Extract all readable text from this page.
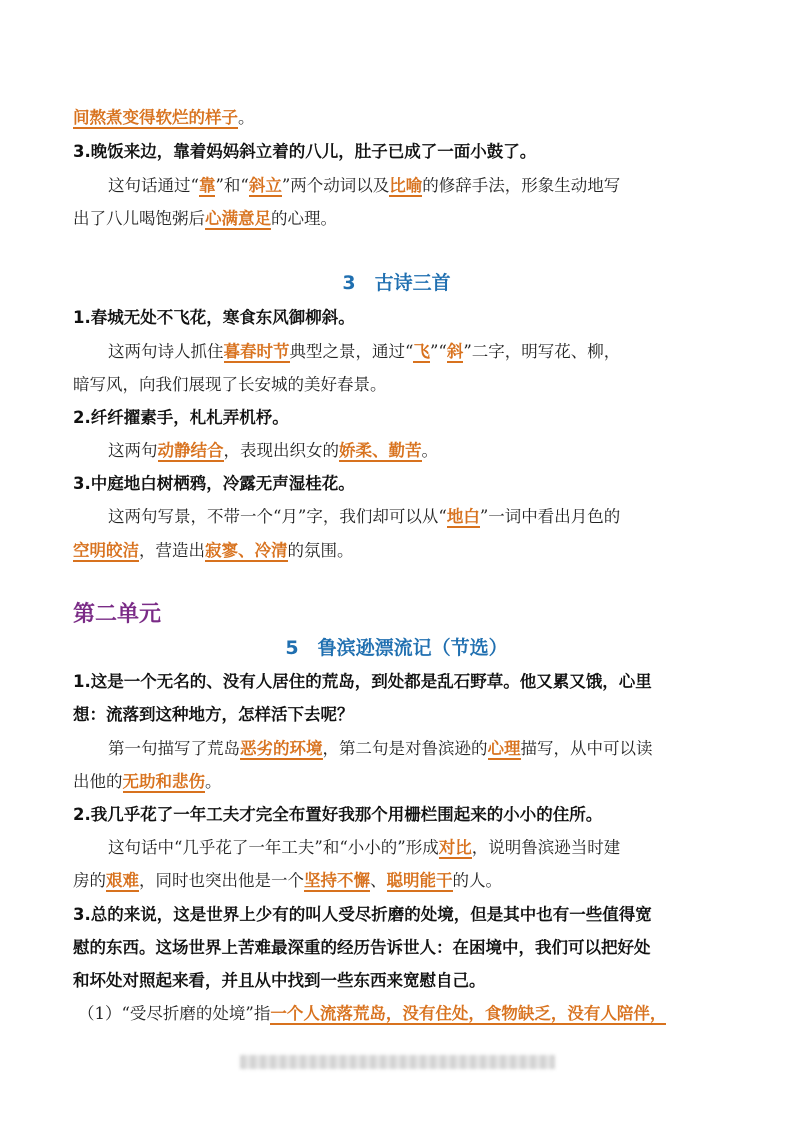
间熬煮变得软烂的样子。
3.晚饭来边，靠着妈妈斜立着的八儿，肚子已成了一面小鼓了。
这句话通过“靠”和“斜立”两个动词以及比喻的修辞手法，形象生动地写
出了八儿喝饱粥后心满意足的心理。
3　古诗三首
1.春城无处不飞花，寒食东风御柳斜。
这两句诗人抓住暮春时节典型之景，通过“飞”“斜”二字，明写花、柳，
暗写风，向我们展现了长安城的美好春景。
2.纤纤擢素手，札札弄机杼。
这两句动静结合，表现出织女的娇柔、勤苦。
3.中庭地白树栖鸦，冷露无声湿桂花。
这两句写景，不带一个“月”字，我们却可以从“地白”一词中看出月色的
空明皎洁，营造出寂寥、冷清的氛围。
第二单元
5　鲁滨逊漂流记（节选）
1.这是一个无名的、没有人居住的荒岛，到处都是乱石野草。他又累又饿，心里
想：流落到这种地方，怎样活下去呢？
第一句描写了荒岛恶劣的环境，第二句是对鲁滨逊的心理描写，从中可以读
出他的无助和悲伤。
2.我几乎花了一年工夫才完全布置好我那个用栅栏围起来的小小的住所。
这句话中“几乎花了一年工夫”和“小小的”形成对比，说明鲁滨逊当时建
房的艰难，同时也突出他是一个坚持不懈、聪明能干的人。
3.总的来说，这是世界上少有的叫人受尽折磨的处境，但是其中也有一些值得宽
慰的东西。这场世界上苦难最深重的经历告诉世人：在困境中，我们可以把好处
和坏处对照起来看，并且从中找到一些东西来宽慰自己。
（1）“受尽折磨的处境”指一个人流落荒岛，没有住处，食物缺乏，没有人陪伴，
